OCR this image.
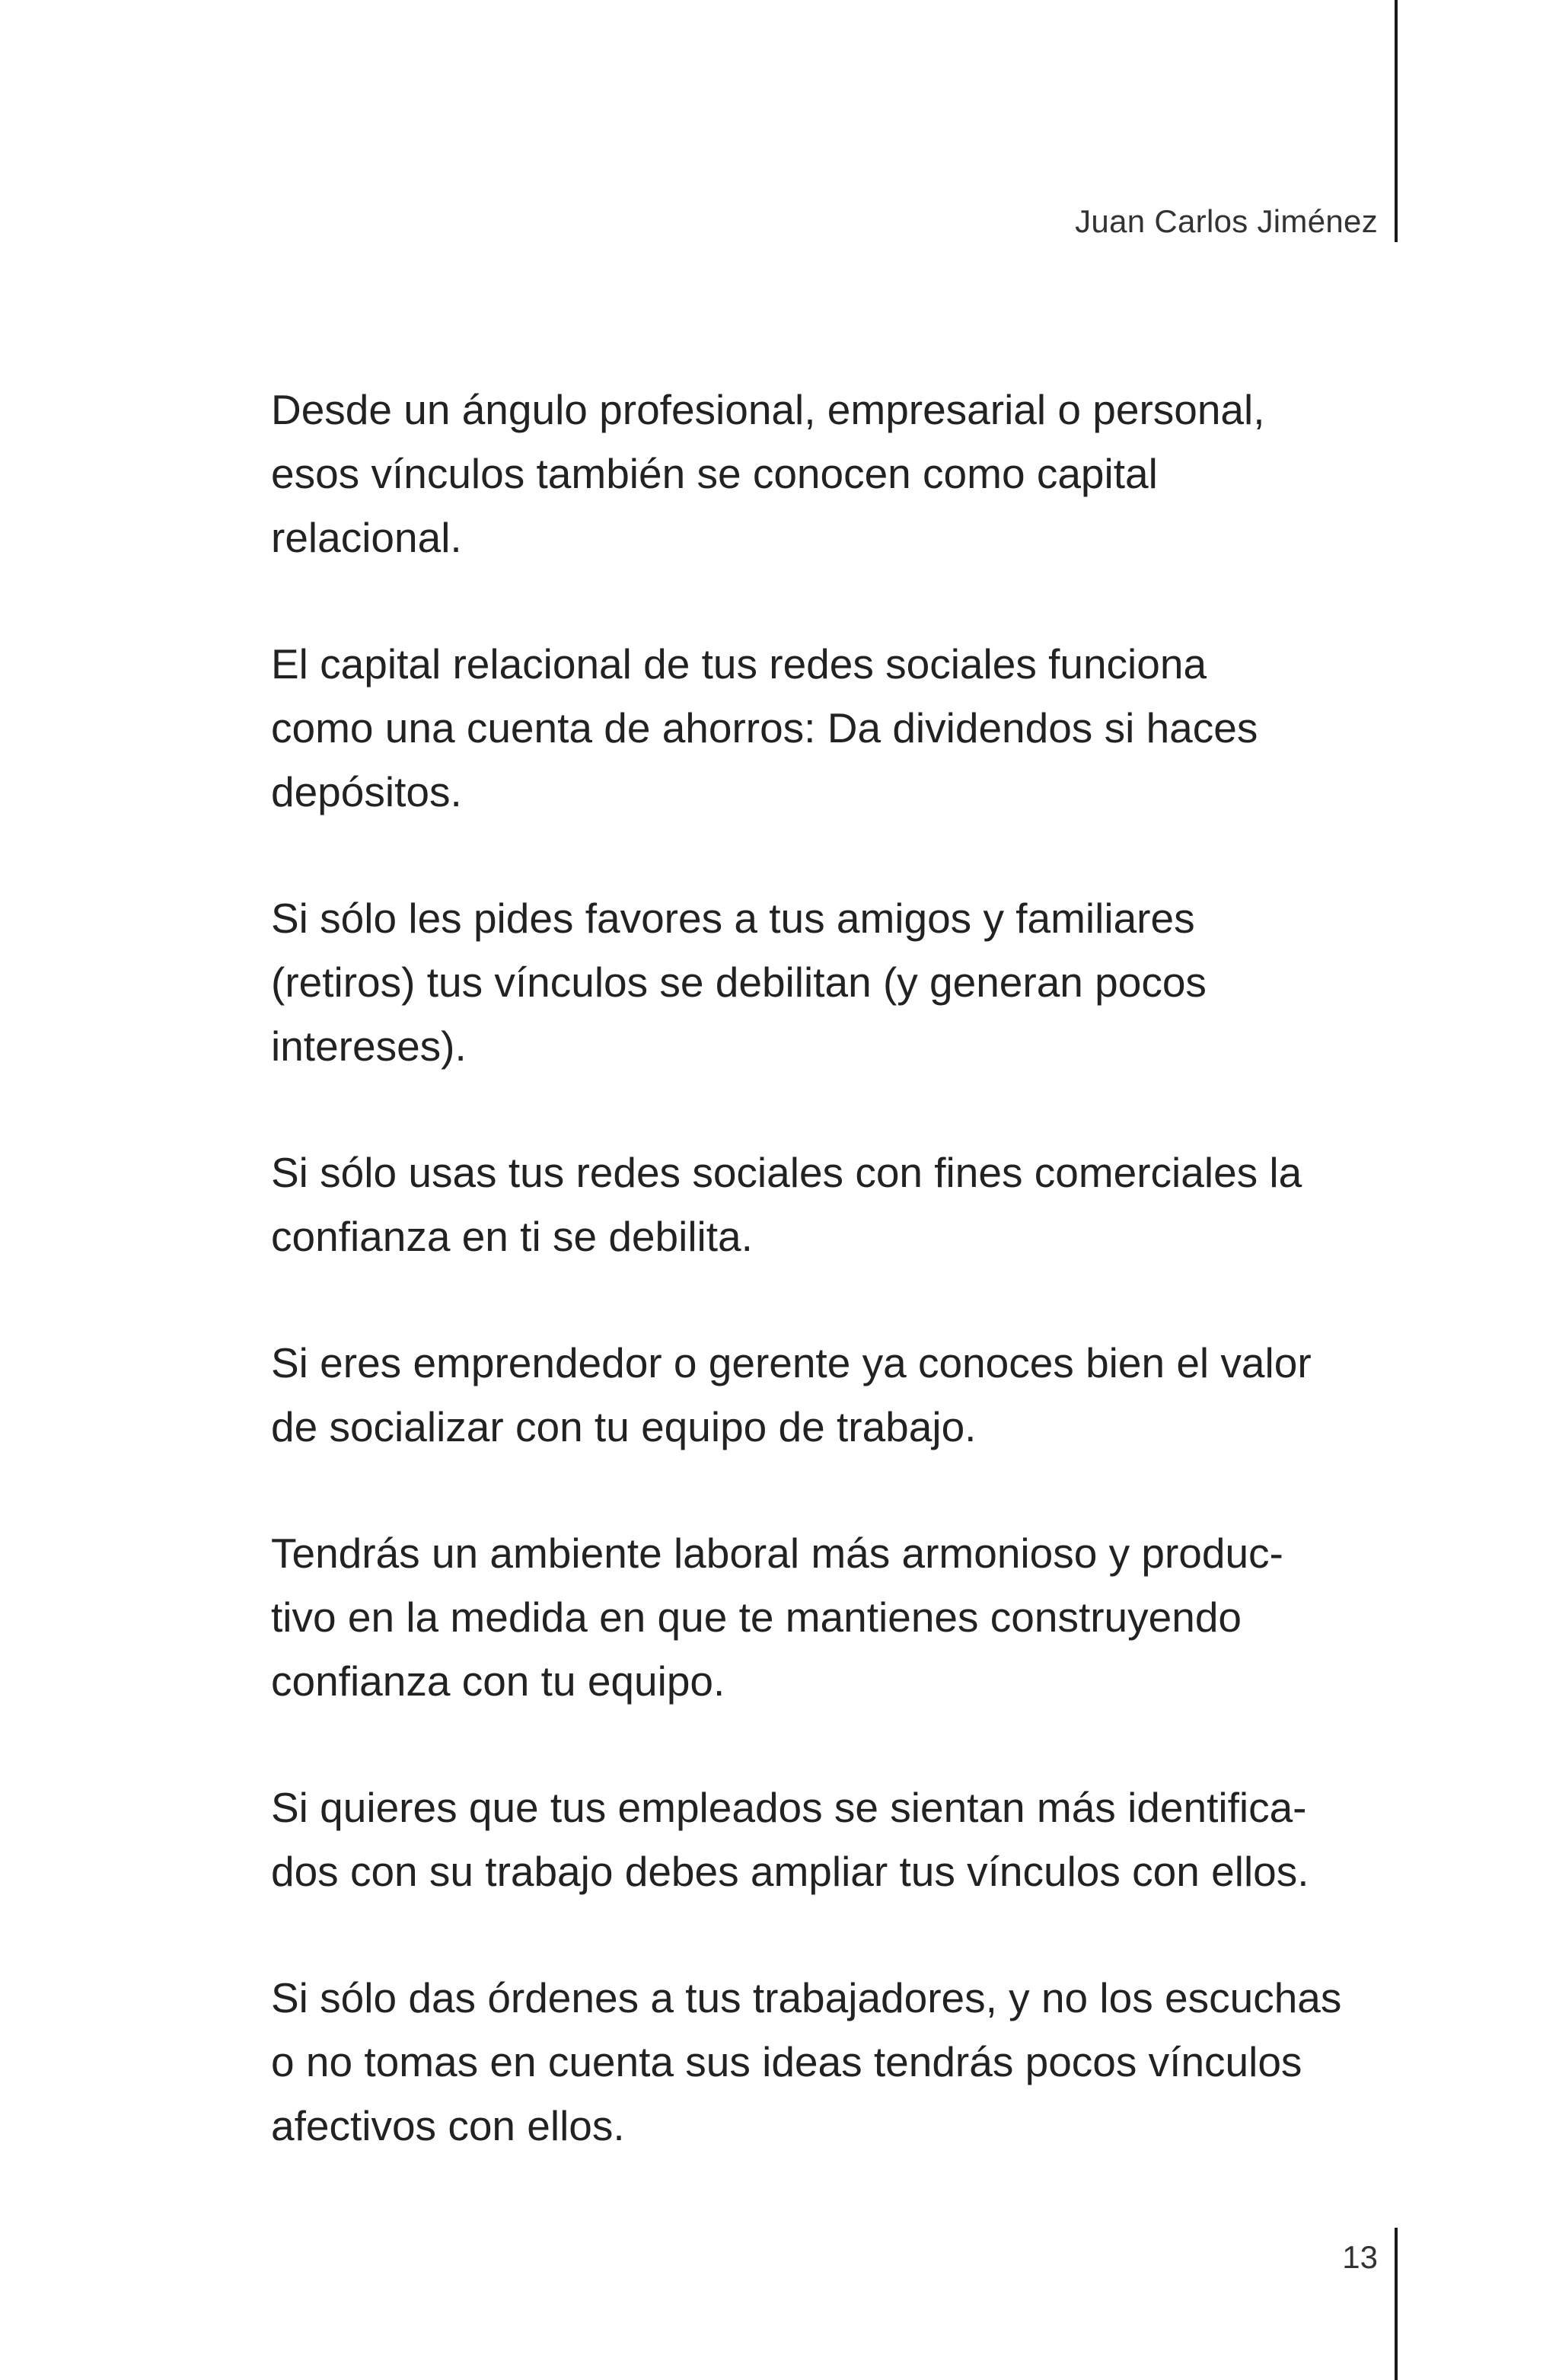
Juan Carlos Jiménez

Desde un ángulo profesional, empresarial o personal,
esos vínculos también se conocen como capital
relacional.

El capital relacional de tus redes sociales funciona
como una cuenta de ahorros: Da dividendos si haces
depósitos.

Si sólo les pides favores a tus amigos y familiares
(retiros) tus vínculos se debilitan (y generan pocos
intereses).

Si sólo usas tus redes sociales con fines comerciales la
confianza en ti se debilita.

Si eres emprendedor o gerente ya conoces bien el valor
de socializar con tu equipo de trabajo.

Tendrás un ambiente laboral más armonioso y produc-
tivo en la medida en que te mantienes construyendo
confianza con tu equipo.

Si quieres que tus empleados se sientan más identifica-
dos con su trabajo debes ampliar tus vínculos con ellos.

Si sólo das órdenes a tus trabajadores, y no los escuchas
o no tomas en cuenta sus ideas tendrás pocos vínculos
afectivos con ellos.

13
